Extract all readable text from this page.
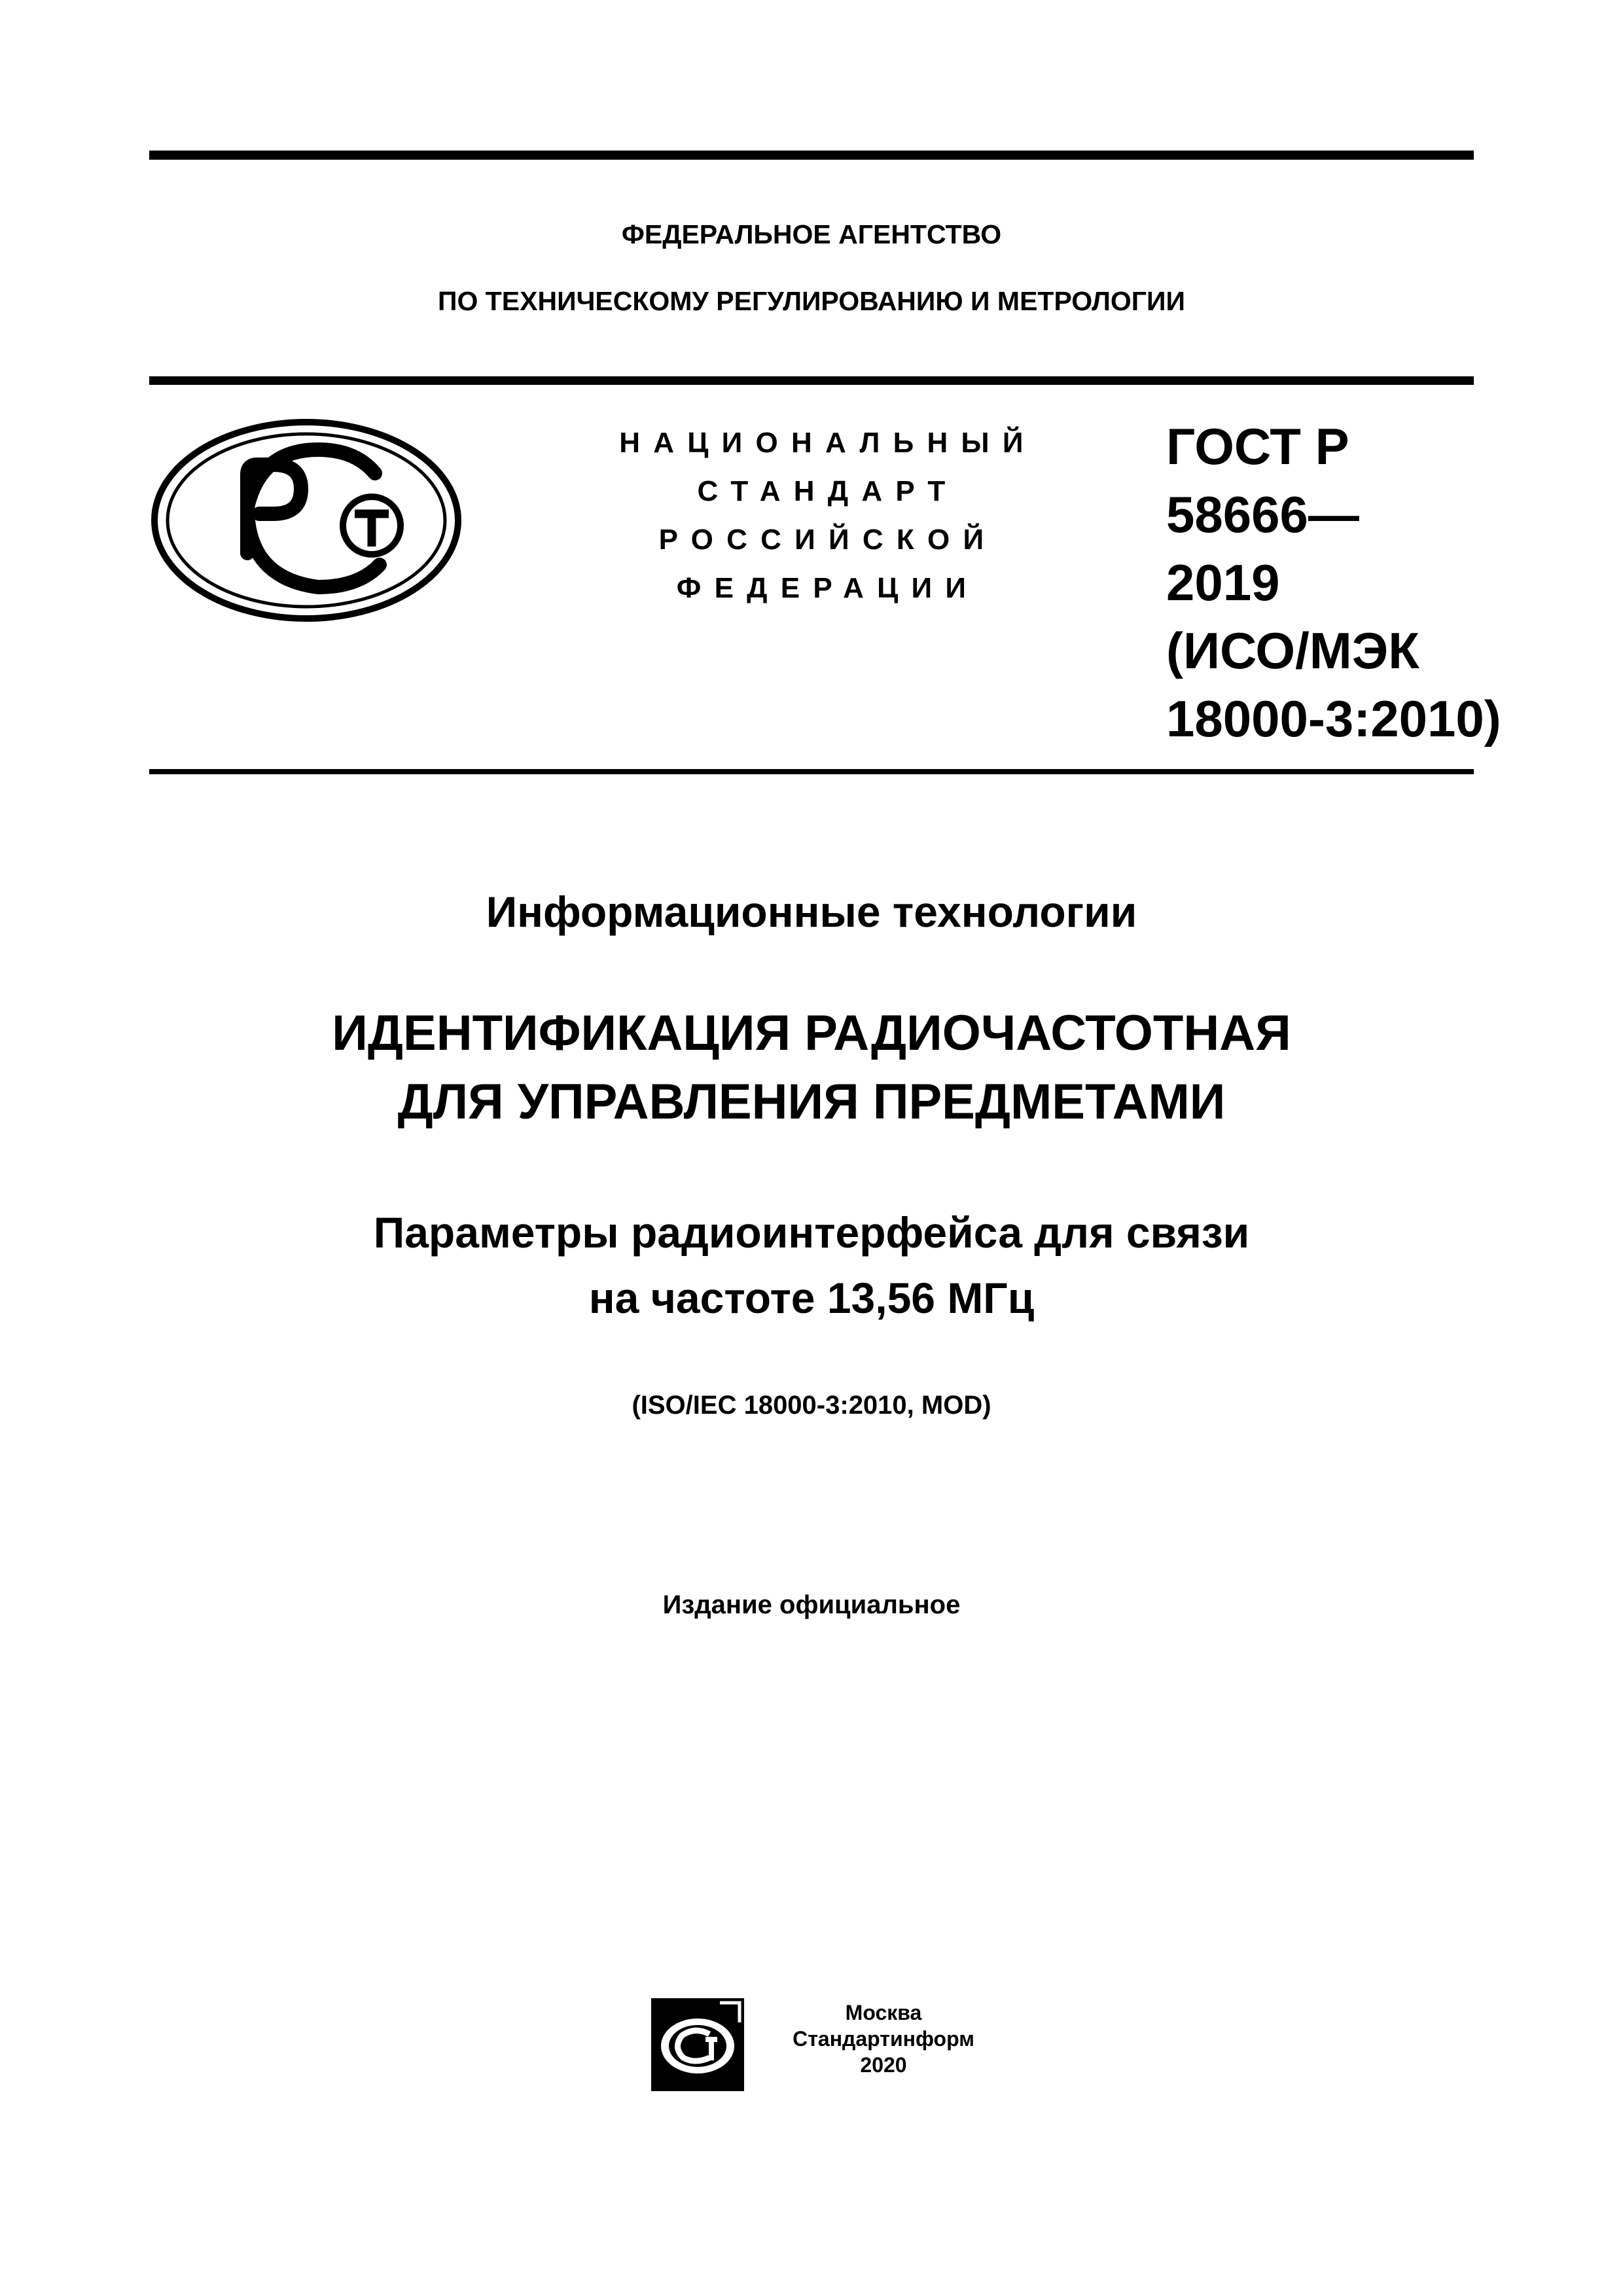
ФЕДЕРАЛЬНОЕ АГЕНТСТВО
ПО ТЕХНИЧЕСКОМУ РЕГУЛИРОВАНИЮ И МЕТРОЛОГИИ
НАЦИОНАЛЬНЫЙ
СТАНДАРТ
РОССИЙСКОЙ
ФЕДЕРАЦИИ
ГОСТ Р
58666—
2019
(ИСО/МЭК
18000-3:2010)
Информационные технологии
ИДЕНТИФИКАЦИЯ РАДИОЧАСТОТНАЯ
ДЛЯ УПРАВЛЕНИЯ ПРЕДМЕТАМИ
Параметры радиоинтерфейса для связи
на частоте 13,56 МГц
(ISO/IEC 18000-3:2010, MOD)
Издание официальное
Москва
Стандартинформ
2020
